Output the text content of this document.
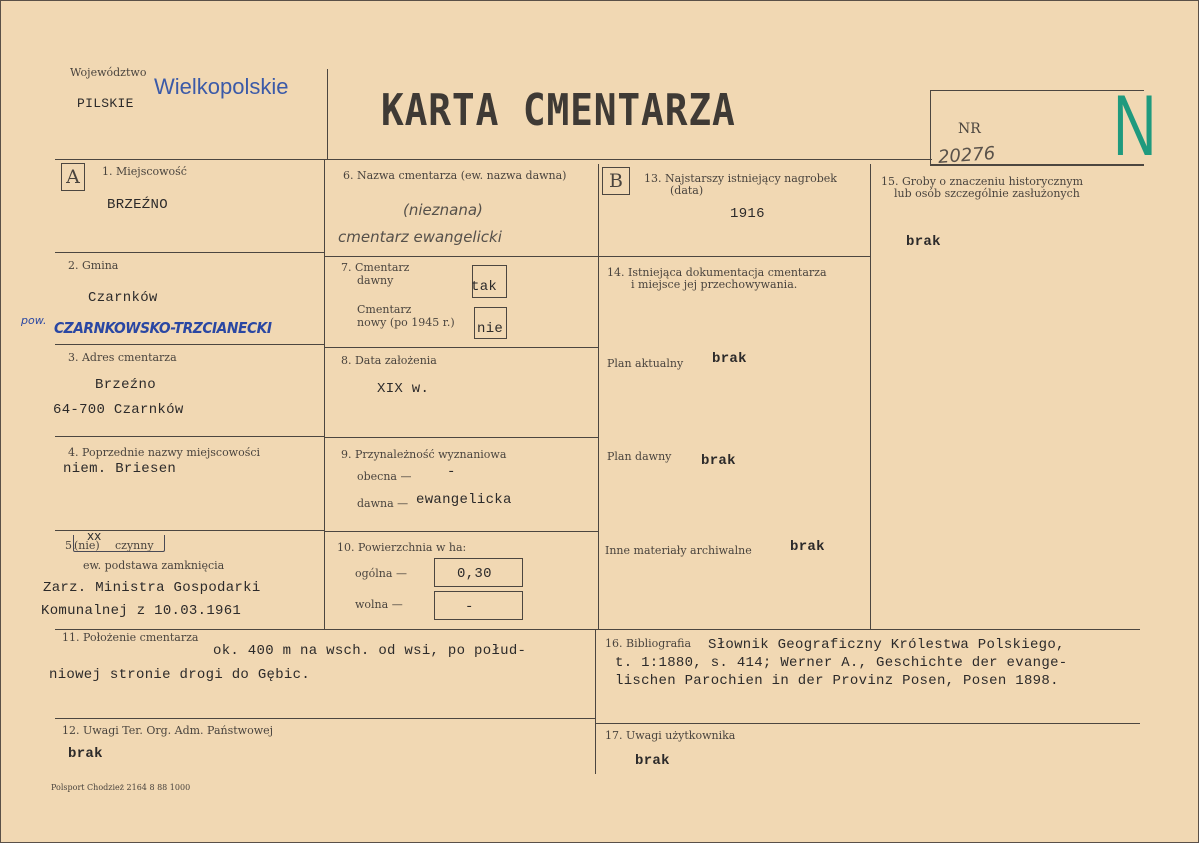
Województwo
Wielkopolskie
PILSKIE	KARTA CMENTARZA	NR
20276 N
A	1. Miejscowość
BRZEŹNO
2. Gmina
Czarnków
pow. CZARNKOWSKO-TRZCIANECKI
3. Adres cmentarza
Brzeźno
64-700 Czarnków
4. Poprzednie nazwy miejscowości
niem. Briesen
5.
(nie)
xx
czynny
ew. podstawa zamknięcia
Zarz. Ministra Gospodarki
Komunalnej z 10.03.1961
6. Nazwa cmentarza (ew. nazwa dawna)
(nieznana)
cmentarz ewangelicki
7. Cmentarz
dawny	tak
Cmentarz
nowy (po 1945 r.) nie
8. Data założenia
XIX w.
9. Przynależność wyznaniowa
obecna —	-
dawna — ewangelicka
10. Powierzchnia w ha:
ogólna —	0,30
wolna —	-
B	13. Najstarszy istniejący nagrobek
(data)
1916
14. Istniejąca dokumentacja cmentarza
i miejsce jej przechowywania.
Plan aktualny brak
Plan dawny brak
Inne materiały archiwalne	brak
15. Groby o znaczeniu historycznym
lub osób szczególnie zasłużonych
brak
11. Położenie cmentarza
ok. 400 m na wsch. od wsi, po połud-
niowej stronie drogi do Gębic.
16. Bibliografia Słownik Geograficzny Królestwa Polskiego,
t. 1:1880, s. 414; Werner A., Geschichte der evange-
lischen Parochien in der Provinz Posen, Posen 1898.
12. Uwagi Ter. Org. Adm. Państwowej
brak
17. Uwagi użytkownika
brak
Polsport Chodzież 2164 8 88 1000
